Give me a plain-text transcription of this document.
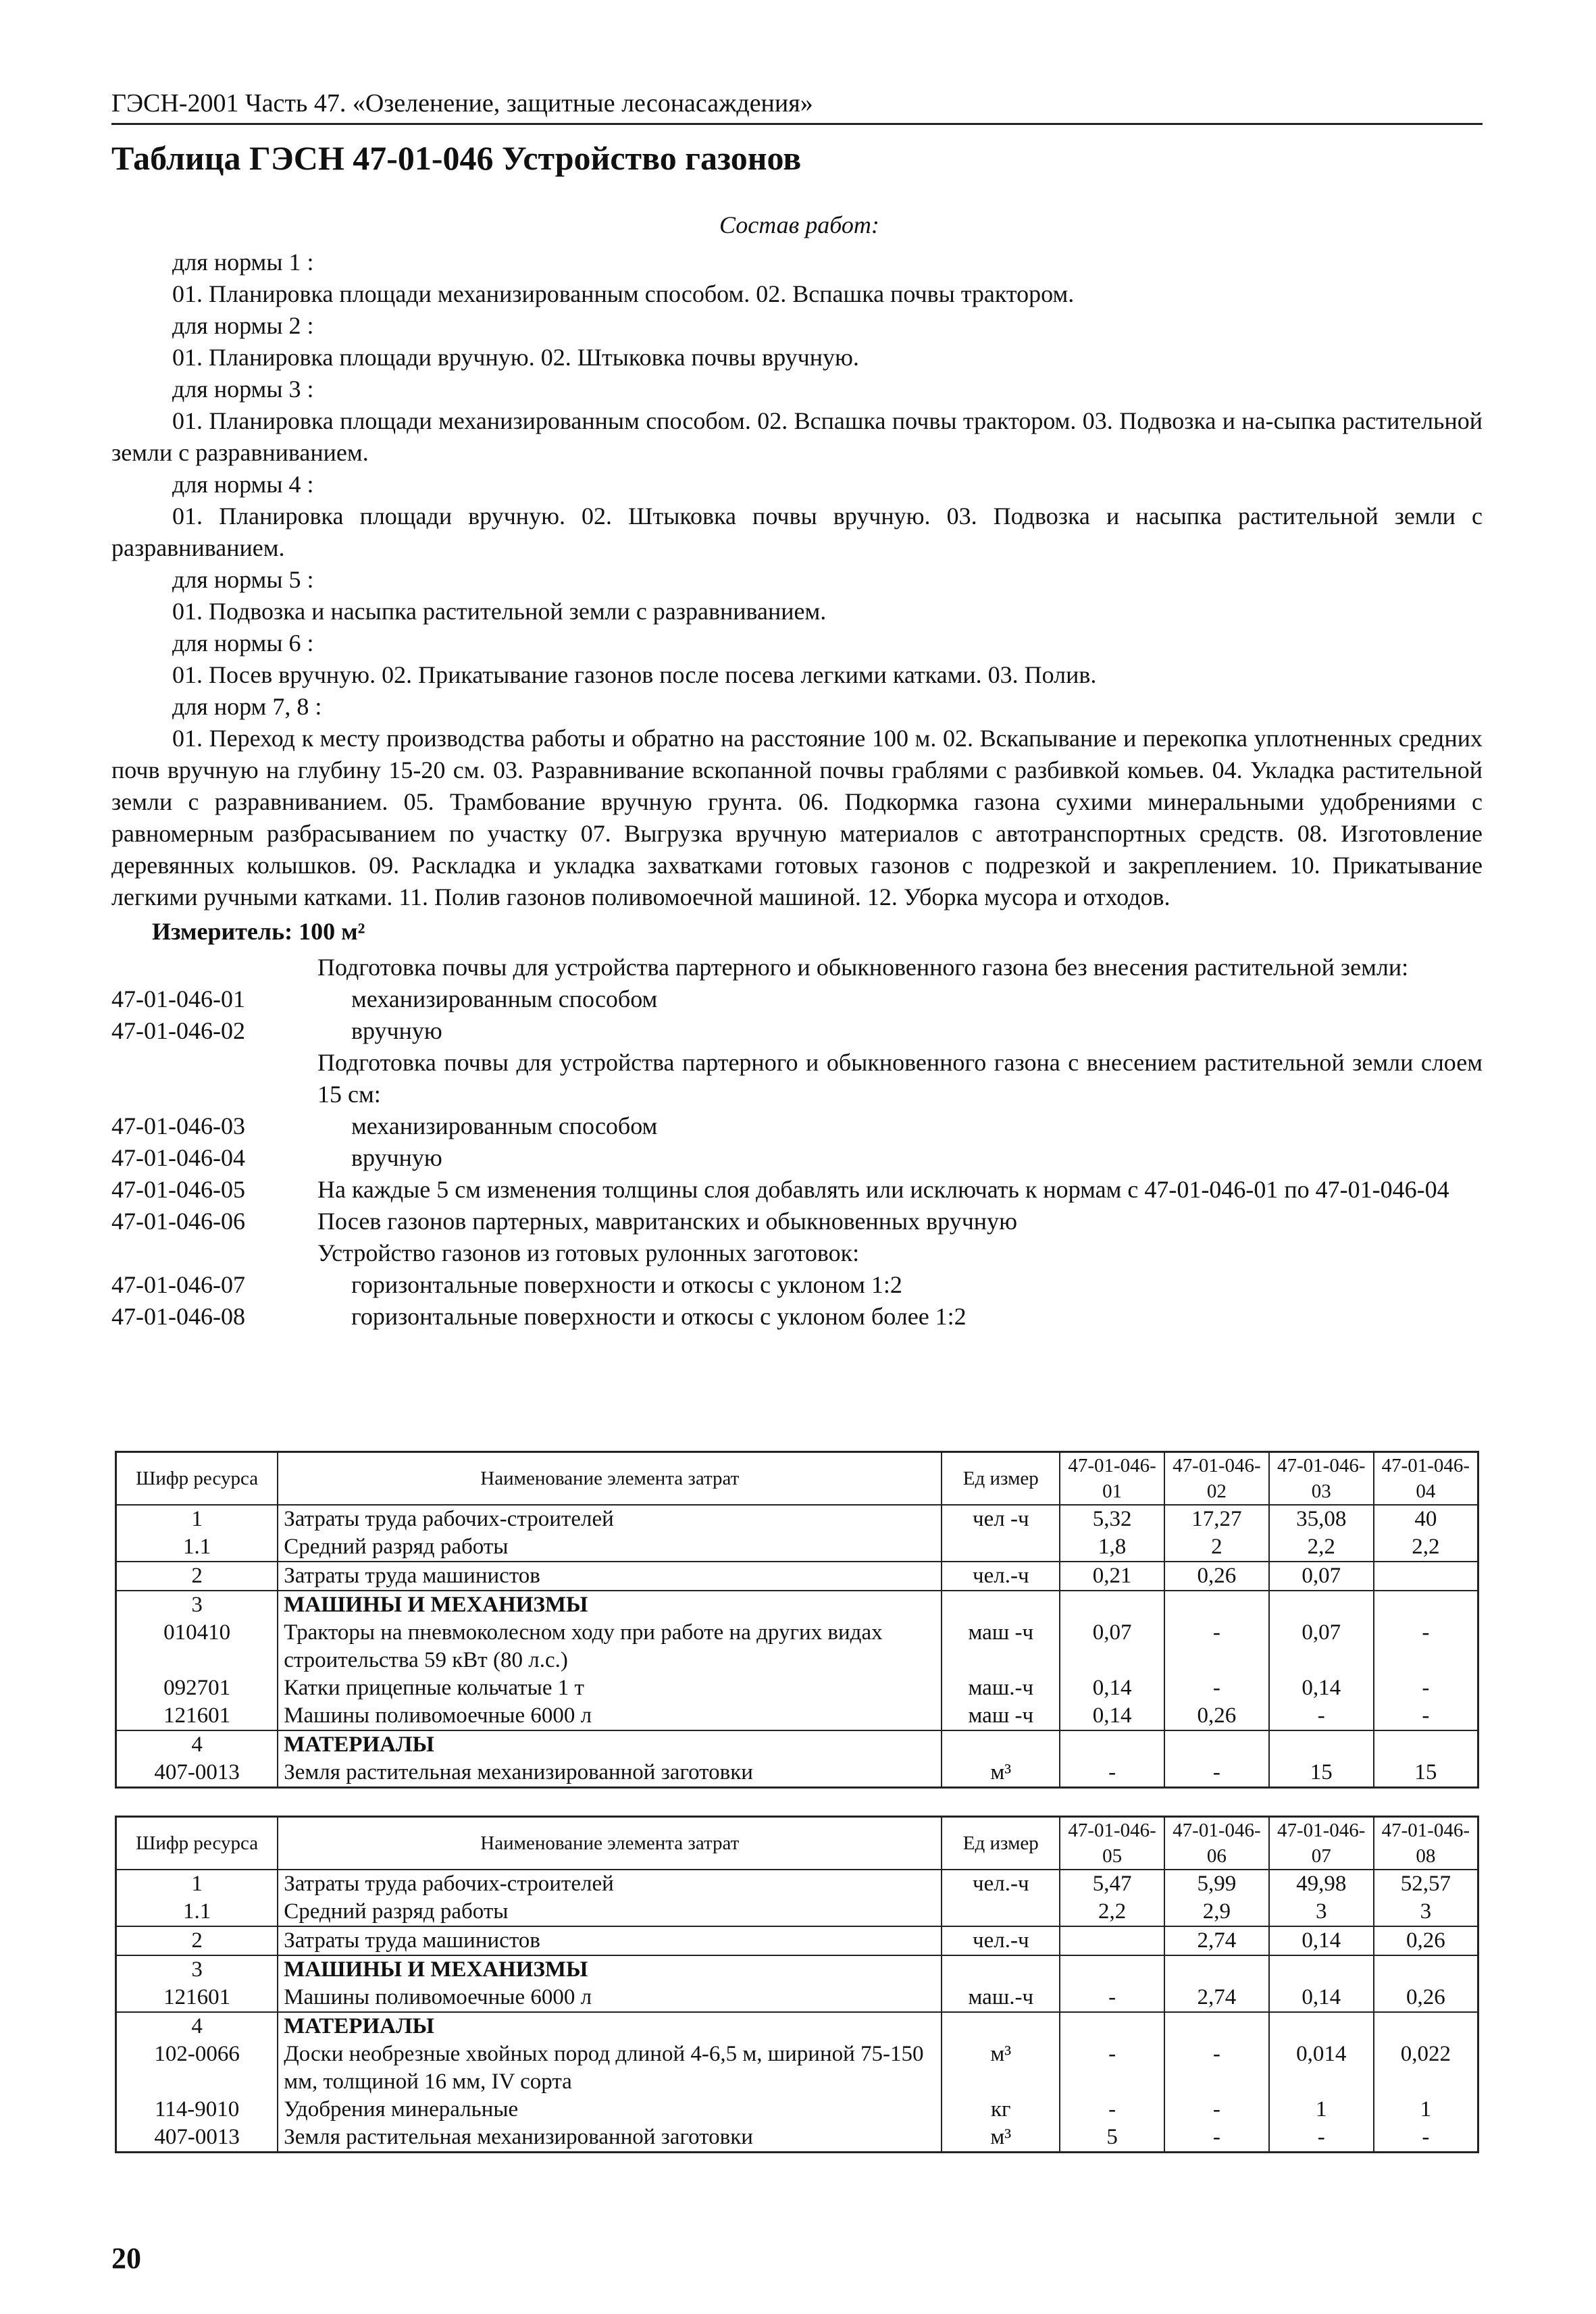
ГЭСН-2001 Часть 47. «Озеленение, защитные лесонасаждения»
Таблица ГЭСН 47-01-046 Устройство газонов
Состав работ:
для нормы 1 :
01. Планировка площади механизированным способом. 02. Вспашка почвы трактором.
для нормы 2 :
01. Планировка площади вручную. 02. Штыковка почвы вручную.
для нормы 3 :
01. Планировка площади механизированным способом. 02. Вспашка почвы трактором. 03. Подвозка и на-сыпка растительной земли с разравниванием.
для нормы 4 :
01. Планировка площади вручную. 02. Штыковка почвы вручную. 03. Подвозка и насыпка растительной земли с разравниванием.
для нормы 5 :
01. Подвозка и насыпка растительной земли с разравниванием.
для нормы 6 :
01. Посев вручную. 02. Прикатывание газонов после посева легкими катками. 03. Полив.
для норм 7, 8 :
01. Переход к месту производства работы и обратно на расстояние 100 м. 02. Вскапывание и перекопка уплотненных средних почв вручную на глубину 15-20 см. 03. Разравнивание вскопанной почвы граблями с разбивкой комьев. 04. Укладка растительной земли с разравниванием. 05. Трамбование вручную грунта. 06. Подкормка газона сухими минеральными удобрениями с равномерным разбрасыванием по участку 07. Выгрузка вручную материалов с автотранспортных средств. 08. Изготовление деревянных колышков. 09. Раскладка и укладка захватками готовых газонов с подрезкой и закреплением. 10. Прикатывание легкими ручными катками. 11. Полив газонов поливомоечной машиной. 12. Уборка мусора и отходов.
Измеритель: 100 м²
Подготовка почвы для устройства партерного и обыкновенного газона без внесения растительной земли:
47-01-046-01	механизированным способом
47-01-046-02	вручную
Подготовка почвы для устройства партерного и обыкновенного газона с внесением растительной земли слоем 15 см:
47-01-046-03	механизированным способом
47-01-046-04	вручную
47-01-046-05	На каждые 5 см изменения толщины слоя добавлять или исключать к нормам с 47-01-046-01 по 47-01-046-04
47-01-046-06	Посев газонов партерных, мавританских и обыкновенных вручную
Устройство газонов из готовых рулонных заготовок:
47-01-046-07	горизонтальные поверхности и откосы с уклоном 1:2
47-01-046-08	горизонтальные поверхности и откосы с уклоном более 1:2
Шифр ресурса	Наименование элемента затрат	Ед измер	47-01-046-01	47-01-046-02	47-01-046-03	47-01-046-04
1	Затраты труда рабочих-строителей	чел -ч	5,32	17,27	35,08	40
1.1	Средний разряд работы		1,8	2	2,2	2,2
2	Затраты труда машинистов	чел.-ч	0,21	0,26	0,07	
3	МАШИНЫ И МЕХАНИЗМЫ					
010410	Тракторы на пневмоколесном ходу при работе на других видах строительства 59 кВт (80 л.с.)	маш -ч	0,07	-	0,07	-
092701	Катки прицепные кольчатые 1 т	маш.-ч	0,14	-	0,14	-
121601	Машины поливомоечные 6000 л	маш -ч	0,14	0,26	-	-
4	МАТЕРИАЛЫ					
407-0013	Земля растительная механизированной заготовки	м³	-	-	15	15
Шифр ресурса	Наименование элемента затрат	Ед измер	47-01-046-05	47-01-046-06	47-01-046-07	47-01-046-08
1	Затраты труда рабочих-строителей	чел.-ч	5,47	5,99	49,98	52,57
1.1	Средний разряд работы		2,2	2,9	3	3
2	Затраты труда машинистов	чел.-ч		2,74	0,14	0,26
3	МАШИНЫ И МЕХАНИЗМЫ					
121601	Машины поливомоечные 6000 л	маш.-ч	-	2,74	0,14	0,26
4	МАТЕРИАЛЫ					
102-0066	Доски необрезные хвойных пород длиной 4-6,5 м, шириной 75-150 мм, толщиной 16 мм, IV сорта	м³	-	-	0,014	0,022
114-9010	Удобрения минеральные	кг	-	-	1	1
407-0013	Земля растительная механизированной заготовки	м³	5	-	-	-
20
